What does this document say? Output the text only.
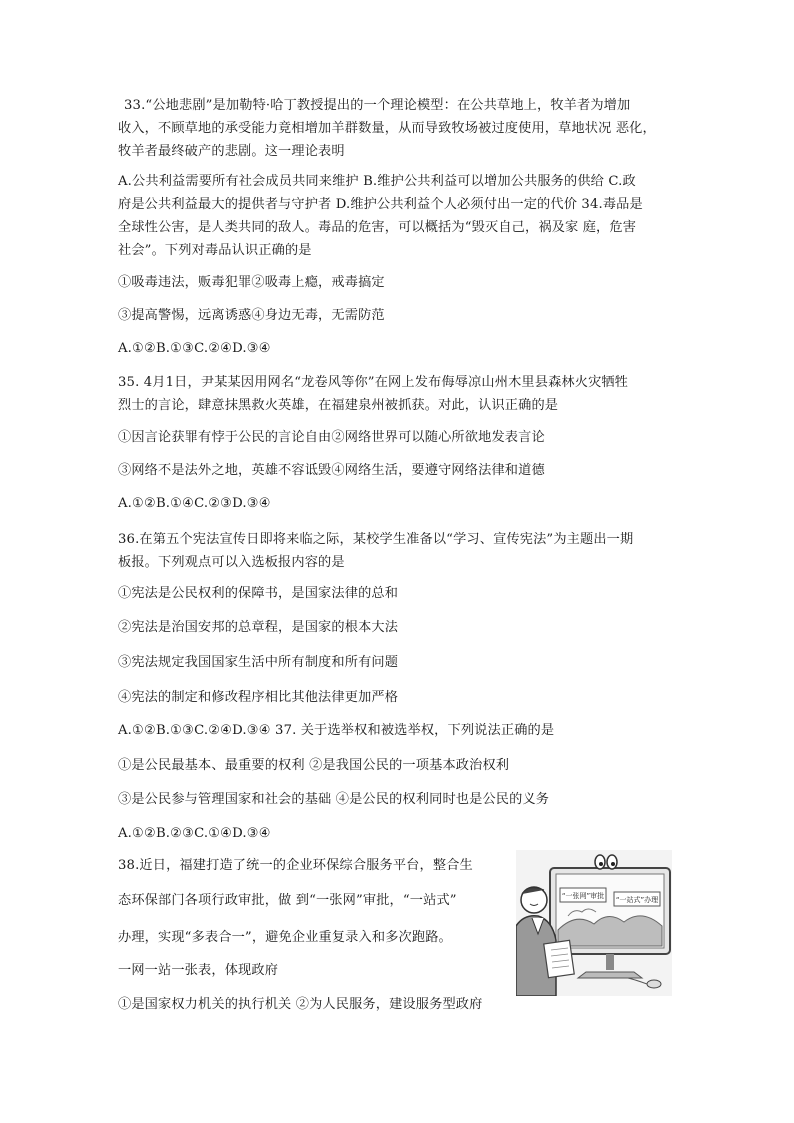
33.“公地悲剧”是加勒特·哈丁教授提出的一个理论模型：在公共草地上，牧羊者为增加
收入，不顾草地的承受能力竟相增加羊群数量，从而导致牧场被过度使用，草地状况 恶化，
牧羊者最终破产的悲剧。这一理论表明
A.公共利益需要所有社会成员共同来维护 B.维护公共利益可以增加公共服务的供给 C.政
府是公共利益最大的提供者与守护者 D.维护公共利益个人必须付出一定的代价 34.毒品是
全球性公害，是人类共同的敌人。毒品的危害，可以概括为“毁灭自己，祸及家 庭，危害
社会”。下列对毒品认识正确的是
①吸毒违法，贩毒犯罪②吸毒上瘾，戒毒搞定
③提高警惕，远离诱惑④身边无毒，无需防范
A.①②B.①③C.②④D.③④
35. 4月1日，尹某某因用网名“龙卷风等你”在网上发布侮辱凉山州木里县森林火灾牺牲
烈士的言论，肆意抹黑救火英雄，在福建泉州被抓获。对此，认识正确的是
①因言论获罪有悖于公民的言论自由②网络世界可以随心所欲地发表言论
③网络不是法外之地，英雄不容诋毁④网络生活，要遵守网络法律和道德
A.①②B.①④C.②③D.③④
36.在第五个宪法宣传日即将来临之际，某校学生准备以“学习、宣传宪法”为主题出一期
板报。下列观点可以入选板报内容的是
①宪法是公民权利的保障书，是国家法律的总和
②宪法是治国安邦的总章程，是国家的根本大法
③宪法规定我国国家生活中所有制度和所有问题
④宪法的制定和修改程序相比其他法律更加严格
A.①②B.①③C.②④D.③④ 37. 关于选举权和被选举权，下列说法正确的是
①是公民最基本、最重要的权利 ②是我国公民的一项基本政治权利
③是公民参与管理国家和社会的基础 ④是公民的权利同时也是公民的义务
A.①②B.②③C.①④D.③④
38.近日，福建打造了统一的企业环保综合服务平台，整合生
态环保部门各项行政审批，做 到“一张网”审批，“一站式”
办理，实现“多表合一”，避免企业重复录入和多次跑路。
一网一站一张表，体现政府
①是国家权力机关的执行机关 ②为人民服务，建设服务型政府
“一张网”审批 “一站式”办理
